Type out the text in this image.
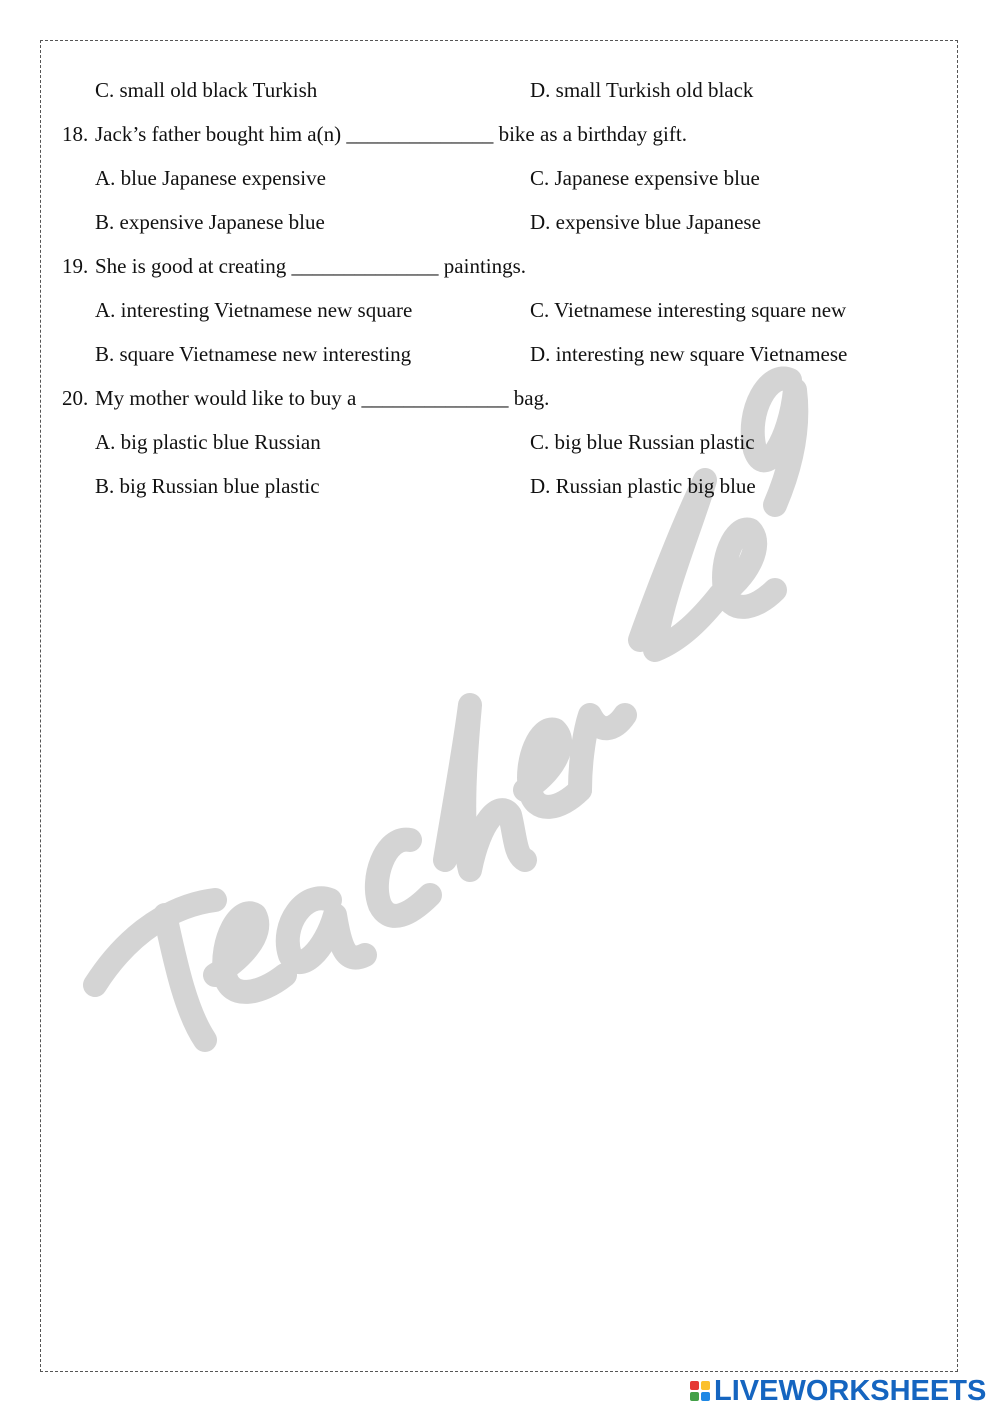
C. small old black Turkish	D. small Turkish old black
18. Jack’s father bought him a(n) ______________ bike as a birthday gift.
A. blue Japanese expensive	C. Japanese expensive blue
B. expensive Japanese blue	D. expensive blue Japanese
19. She is good at creating ______________ paintings.
A. interesting Vietnamese new square	C. Vietnamese interesting square new
B. square Vietnamese new interesting	D. interesting new square Vietnamese
20. My mother would like to buy a ______________ bag.
A. big plastic blue Russian	C. big blue Russian plastic
B. big Russian blue plastic	D. Russian plastic big blue
LIVEWORKSHEETS
